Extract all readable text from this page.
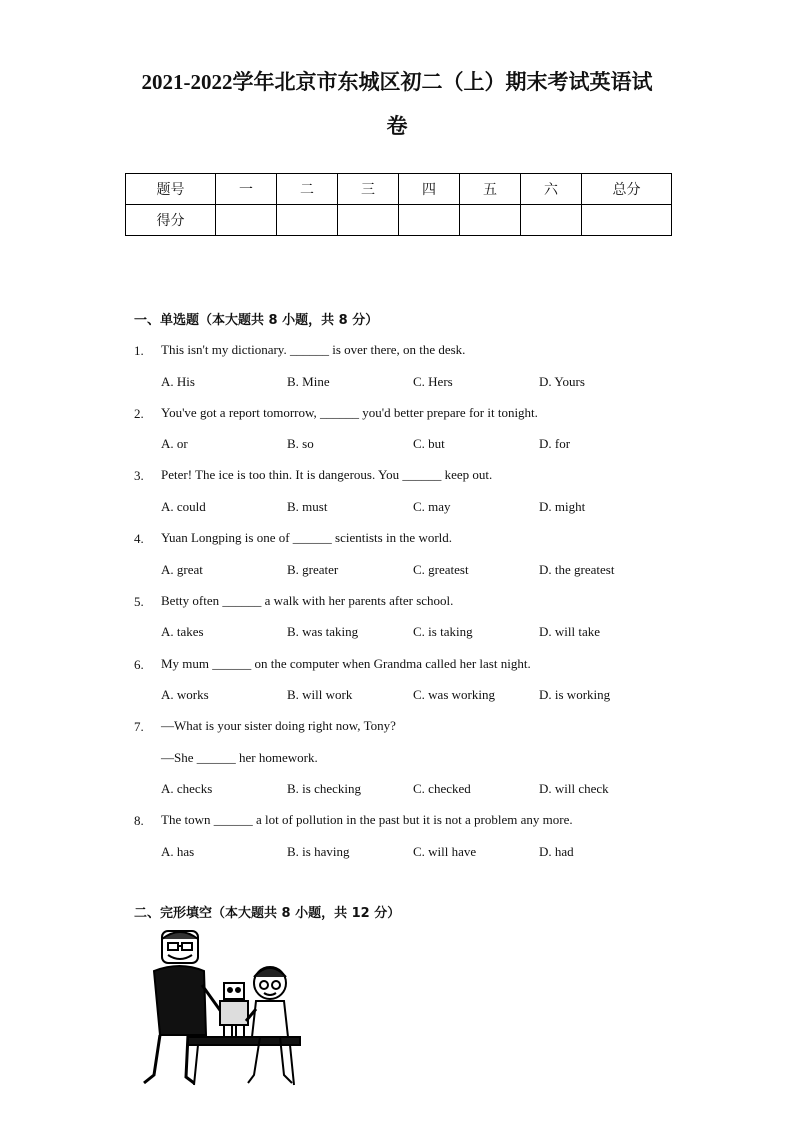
2021-2022学年北京市东城区初二（上）期末考试英语试
卷
题号	一	二	三	四	五	六	总分
得分							
一、单选题（本大题共 8 小题，共 8 分）
1. This isn't my dictionary. ______ is over there, on the desk.
A. His	B. Mine	C. Hers	D. Yours
2. You've got a report tomorrow, ______ you'd better prepare for it tonight.
A. or	B. so	C. but	D. for
3. Peter! The ice is too thin. It is dangerous. You ______ keep out.
A. could	B. must	C. may	D. might
4. Yuan Longping is one of ______ scientists in the world.
A. great	B. greater	C. greatest	D. the greatest
5. Betty often ______ a walk with her parents after school.
A. takes	B. was taking	C. is taking	D. will take
6. My mum ______ on the computer when Grandma called her last night.
A. works	B. will work	C. was working	D. is working
7. —What is your sister doing right now, Tony?
—She ______ her homework.
A. checks	B. is checking	C. checked	D. will check
8. The town ______ a lot of pollution in the past but it is not a problem any more.
A. has	B. is having	C. will have	D. had
二、完形填空（本大题共 8 小题，共 12 分）
